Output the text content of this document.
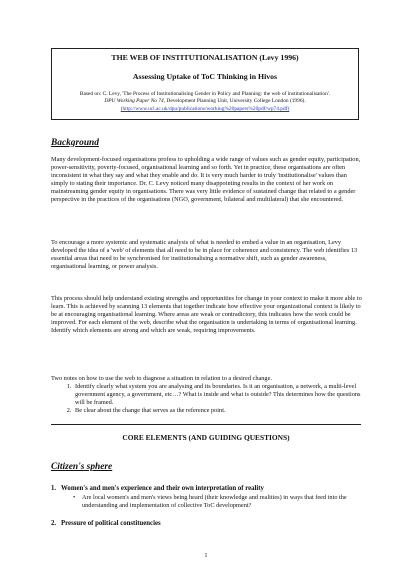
THE WEB OF INSTITUTIONALISATION (Levy 1996)
Assessing Uptake of ToC Thinking in Hivos
Based on: C. Levy, 'The Process of Institutionalising Gender in Policy and Planning: the web of institutionalisation'.
DPU Working Paper No 74, Development Planning Unit, University College London (1996).
(http://www.ucl.ac.uk/dpu/publications/working%20papers%20pdf/wp74.pdf)
Background

Many development-focused organisations profess to upholding a wide range of values such as gender equity, participation, power-sensitivity, poverty-focused, organisational learning and so forth. Yet in practice, these organisations are often inconsistent in what they say and what they enable and do. It is very much harder to truly 'institutionalise' values than simply to stating their importance. Dr. C. Levy noticed many disappointing results in the context of her work on mainstreaming gender equity in organisations. There was very little evidence of sustained change that related to a gender perspective in the practices of the organisations (NGO, government, bilateral and multilateral) that she encountered.

To encourage a more systemic and systematic analysis of what is needed to embed a value in an organisation, Levy developed the idea of a 'web' of elements that all need to be in place for coherence and consistency. The web identifies 13 essential areas that need to be synchronised for institutionalising a normative shift, such as gender awareness, organisational learning, or power analysis.

This process should help understand existing strengths and opportunities for change in your context to make it more able to learn. This is achieved by scanning 13 elements that together indicate how effective your organizational context is likely to be at encouraging organisational learning. Where areas are weak or contradictory, this indicates how the work could be improved. For each element of the web, describe what the organisation is undertaking in terms of organisational learning. Identify which elements are strong and which are weak, requiring improvements.

Two notes on how to use the web to diagnose a situation in relation to a desired change.
1. Identify clearly what system you are analysing and its boundaries. Is it an organisation, a network, a multi-level government agency, a government, etc…? What is inside and what is outside? This determines how the questions will be framed.
2. Be clear about the change that serves as the reference point.
CORE ELEMENTS (AND GUIDING QUESTIONS)
Citizen's sphere
1. Women's and men's experience and their own interpretation of reality
• Are local women's and men's views being heard (their knowledge and realities) in ways that feed into the understanding and implementation of collective ToC development?
2. Pressure of political constituencies
1
